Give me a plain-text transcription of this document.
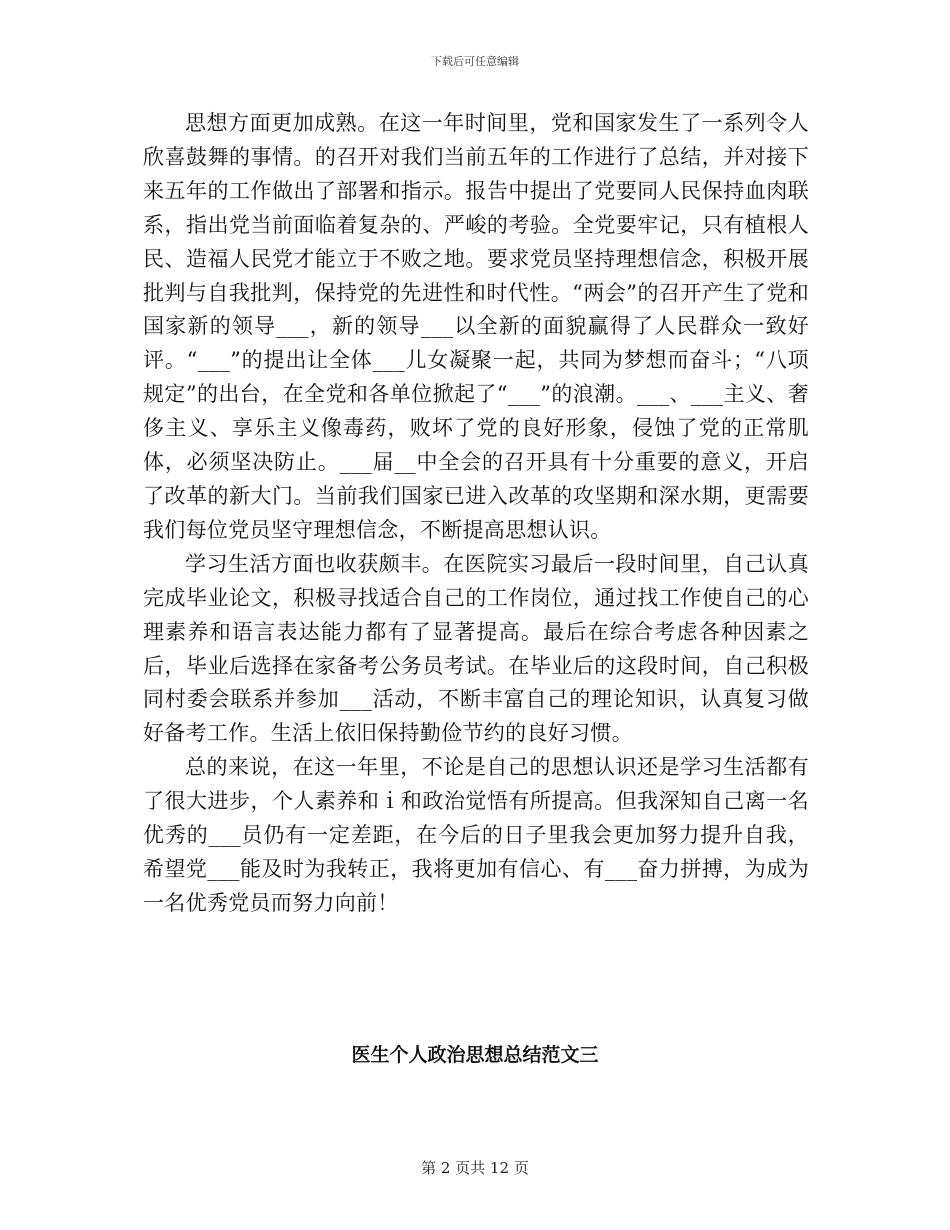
下载后可任意编辑

思想方面更加成熟。在这一年时间里，党和国家发生了一系列令人欣喜鼓舞的事情。的召开对我们当前五年的工作进行了总结，并对接下来五年的工作做出了部署和指示。报告中提出了党要同人民保持血肉联系，指出党当前面临着复杂的、严峻的考验。全党要牢记，只有植根人民、造福人民党才能立于不败之地。要求党员坚持理想信念，积极开展批判与自我批判，保持党的先进性和时代性。“两会”的召开产生了党和国家新的领导___，新的领导___以全新的面貌赢得了人民群众一致好评。“___”的提出让全体___儿女凝聚一起，共同为梦想而奋斗；“八项规定”的出台，在全党和各单位掀起了“___”的浪潮。___、___主义、奢侈主义、享乐主义像毒药，败坏了党的良好形象，侵蚀了党的正常肌体，必须坚决防止。___届__中全会的召开具有十分重要的意义，开启了改革的新大门。当前我们国家已进入改革的攻坚期和深水期，更需要我们每位党员坚守理想信念，不断提高思想认识。

学习生活方面也收获颇丰。在医院实习最后一段时间里，自己认真完成毕业论文，积极寻找适合自己的工作岗位，通过找工作使自己的心理素养和语言表达能力都有了显著提高。最后在综合考虑各种因素之后，毕业后选择在家备考公务员考试。在毕业后的这段时间，自己积极同村委会联系并参加___活动，不断丰富自己的理论知识，认真复习做好备考工作。生活上依旧保持勤俭节约的良好习惯。

总的来说，在这一年里，不论是自己的思想认识还是学习生活都有了很大进步，个人素养和ｉ和政治觉悟有所提高。但我深知自己离一名优秀的___员仍有一定差距，在今后的日子里我会更加努力提升自我，希望党___能及时为我转正，我将更加有信心、有___奋力拼搏，为成为一名优秀党员而努力向前！

医生个人政治思想总结范文三
第 2 页共 12 页
